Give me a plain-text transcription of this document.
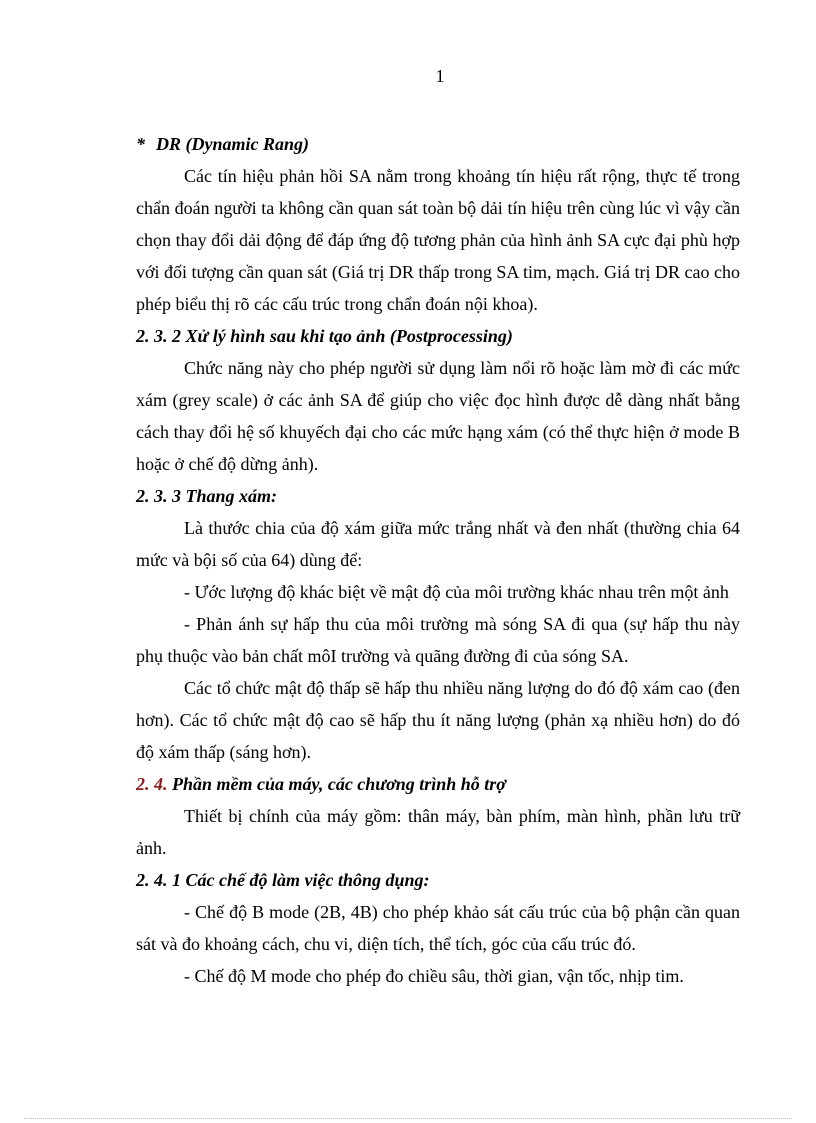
1

* DR (Dynamic Rang)

Các tín hiệu phản hồi SA nằm trong khoảng tín hiệu rất rộng, thực tế trong chẩn đoán người ta không cần quan sát toàn bộ dải tín hiệu trên cùng lúc vì vậy cần chọn thay đổi dải động để đáp ứng độ tương phản của hình ảnh SA cực đại phù hợp với đối tượng cần quan sát (Giá trị DR thấp trong SA tim, mạch. Giá trị DR cao cho phép biểu thị rõ các cấu trúc trong chẩn đoán nội khoa).

2. 3. 2 Xử lý hình sau khi tạo ảnh (Postprocessing)

Chức năng này cho phép người sử dụng làm nổi rõ hoặc làm mờ đi các mức xám (grey scale) ở các ảnh SA để giúp cho việc đọc hình được dễ dàng nhất bằng cách thay đổi hệ số khuyếch đại cho các mức hạng xám (có thể thực hiện ở mode B hoặc ở chế độ dừng ảnh).

2. 3. 3 Thang xám:

Là thước chia của độ xám giữa mức trắng nhất và đen nhất (thường chia 64 mức và bội số của 64) dùng để:

- Ước lượng độ khác biệt về mật độ của môi trường khác nhau trên một ảnh

- Phản ánh sự hấp thu của môi trường mà sóng SA đi qua (sự hấp thu này phụ thuộc vào bản chất môI trường và quãng đường đi của sóng SA.

Các tổ chức mật độ thấp sẽ hấp thu nhiều năng lượng do đó độ xám cao (đen hơn). Các tổ chức mật độ cao sẽ hấp thu ít năng lượng (phản xạ nhiều hơn) do đó độ xám thấp (sáng hơn).

2. 4. Phần mềm của máy, các chương trình hỗ trợ

Thiết bị chính của máy gồm: thân máy, bàn phím, màn hình, phần lưu trữ ảnh.

2. 4. 1 Các chế độ làm việc thông dụng:

- Chế độ B mode (2B, 4B) cho phép khảo sát cấu trúc của bộ phận cần quan sát và đo khoảng cách, chu vi, diện tích, thể tích, góc của cấu trúc đó.

- Chế độ M mode cho phép đo chiều sâu, thời gian, vận tốc, nhịp tim.
